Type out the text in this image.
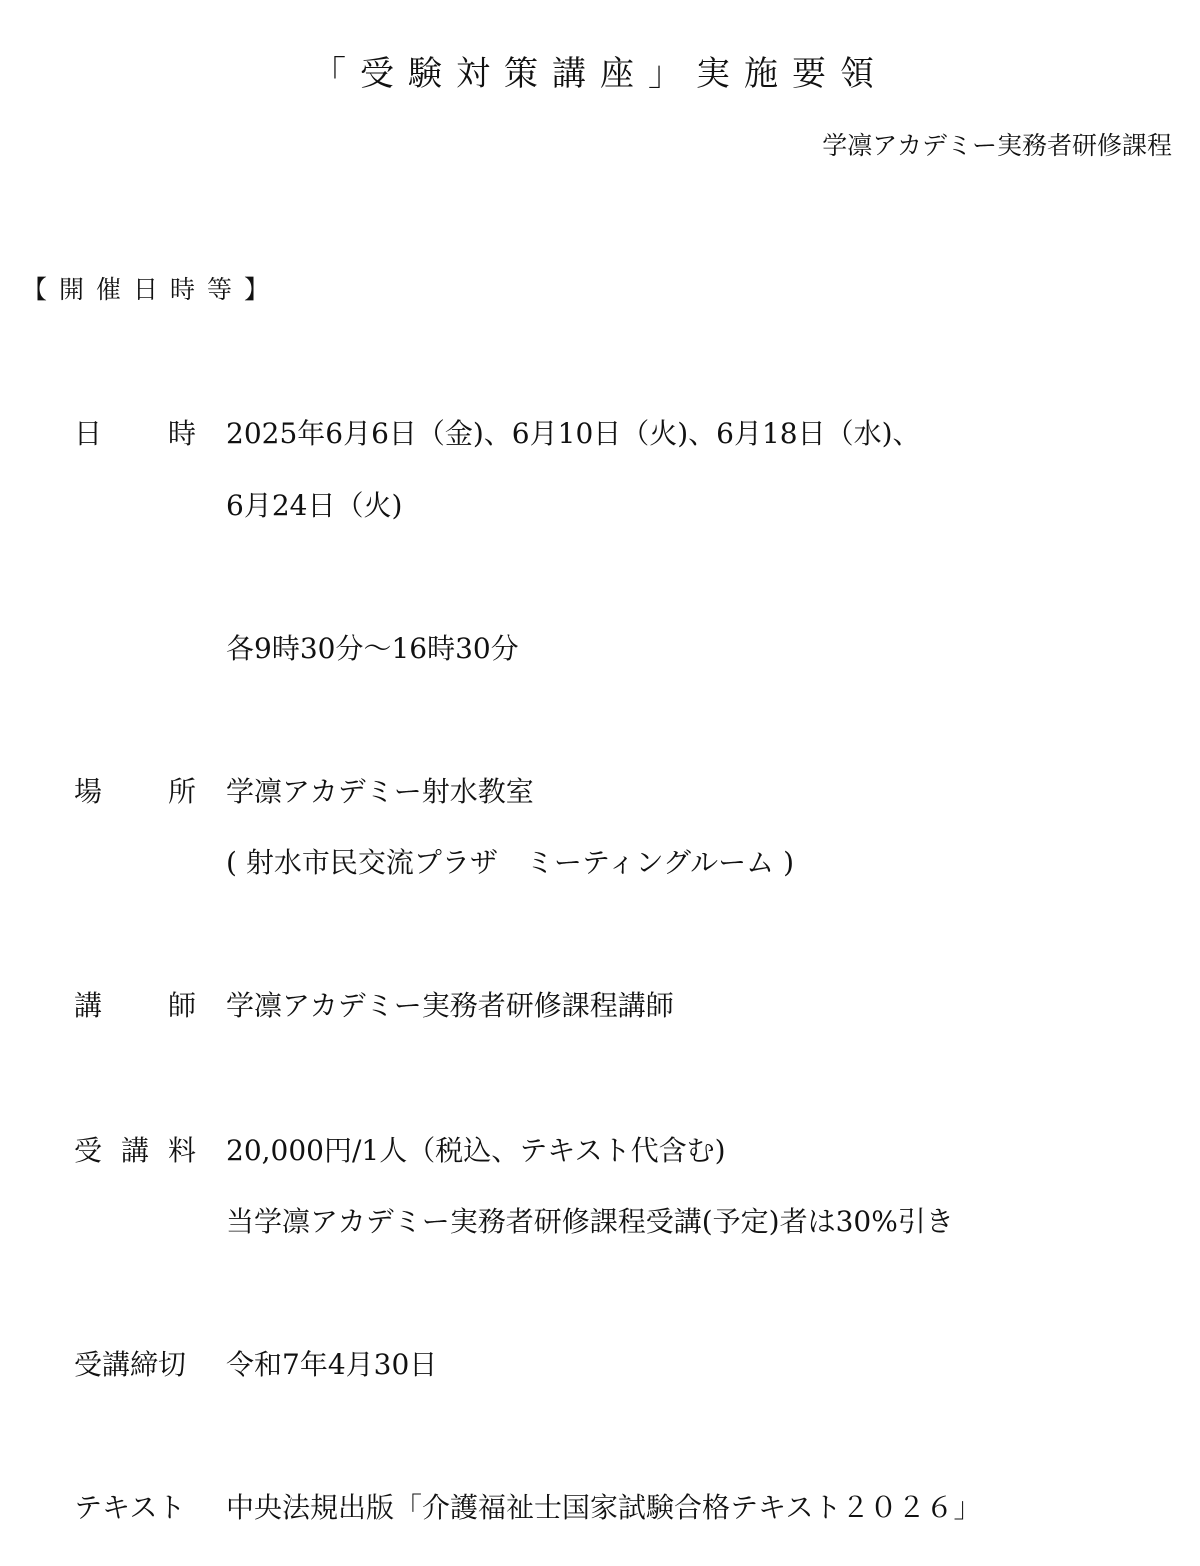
「受験対策講座」実施要領
学凛アカデミー実務者研修課程
【開催日時等】
日 時 2025年6月6日（金)、6月10日（火)、6月18日（水)、
6月24日（火)
各9時30分～16時30分
場 所 学凛アカデミー射水教室
( 射水市民交流プラザ　ミーティングルーム )
講 師 学凛アカデミー実務者研修課程講師
受 講 料 20,000円/1人（税込、テキスト代含む)
当学凛アカデミー実務者研修課程受講(予定)者は30%引き
受講締切	令和7年4月30日
テキスト	中央法規出版「介護福祉士国家試験合格テキスト２０２６」
